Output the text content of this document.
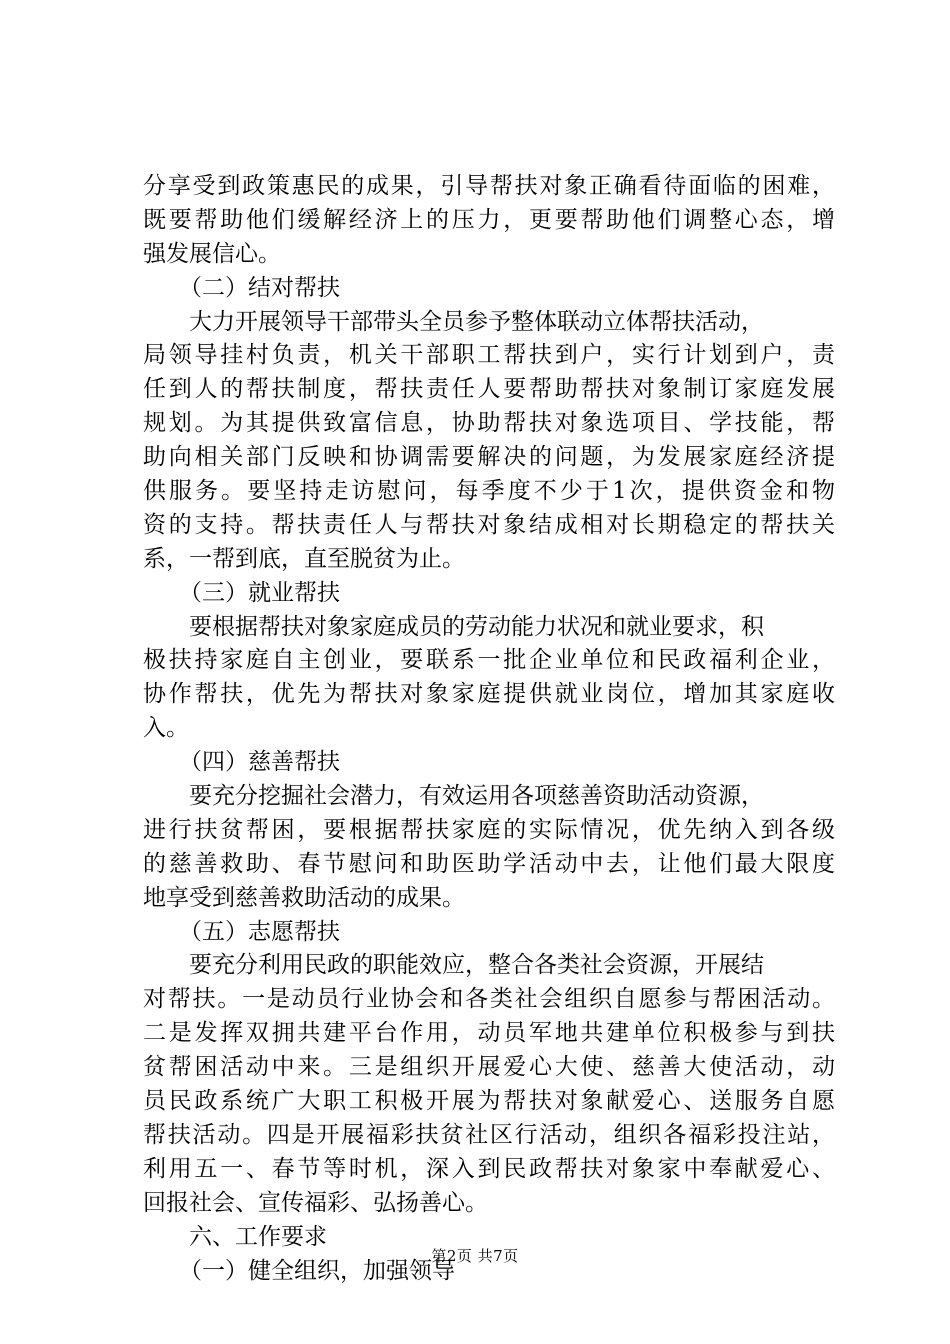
分享受到政策惠民的成果，引导帮扶对象正确看待面临的困难，
既要帮助他们缓解经济上的压力，更要帮助他们调整心态，增
强发展信心。
（二）结对帮扶
大力开展领导干部带头全员参予整体联动立体帮扶活动，
局领导挂村负责，机关干部职工帮扶到户，实行计划到户，责
任到人的帮扶制度，帮扶责任人要帮助帮扶对象制订家庭发展
规划。为其提供致富信息，协助帮扶对象选项目、学技能，帮
助向相关部门反映和协调需要解决的问题，为发展家庭经济提
供服务。要坚持走访慰问，每季度不少于1次，提供资金和物
资的支持。帮扶责任人与帮扶对象结成相对长期稳定的帮扶关
系，一帮到底，直至脱贫为止。
（三）就业帮扶
要根据帮扶对象家庭成员的劳动能力状况和就业要求，积
极扶持家庭自主创业，要联系一批企业单位和民政福利企业，
协作帮扶，优先为帮扶对象家庭提供就业岗位，增加其家庭收
入。
（四）慈善帮扶
要充分挖掘社会潜力，有效运用各项慈善资助活动资源，
进行扶贫帮困，要根据帮扶家庭的实际情况，优先纳入到各级
的慈善救助、春节慰问和助医助学活动中去，让他们最大限度
地享受到慈善救助活动的成果。
（五）志愿帮扶
要充分利用民政的职能效应，整合各类社会资源，开展结
对帮扶。一是动员行业协会和各类社会组织自愿参与帮困活动。
二是发挥双拥共建平台作用，动员军地共建单位积极参与到扶
贫帮困活动中来。三是组织开展爱心大使、慈善大使活动，动
员民政系统广大职工积极开展为帮扶对象献爱心、送服务自愿
帮扶活动。四是开展福彩扶贫社区行活动，组织各福彩投注站，
利用五一、春节等时机，深入到民政帮扶对象家中奉献爱心、
回报社会、宣传福彩、弘扬善心。
六、工作要求
（一）健全组织，加强领导
第2页 共7页
